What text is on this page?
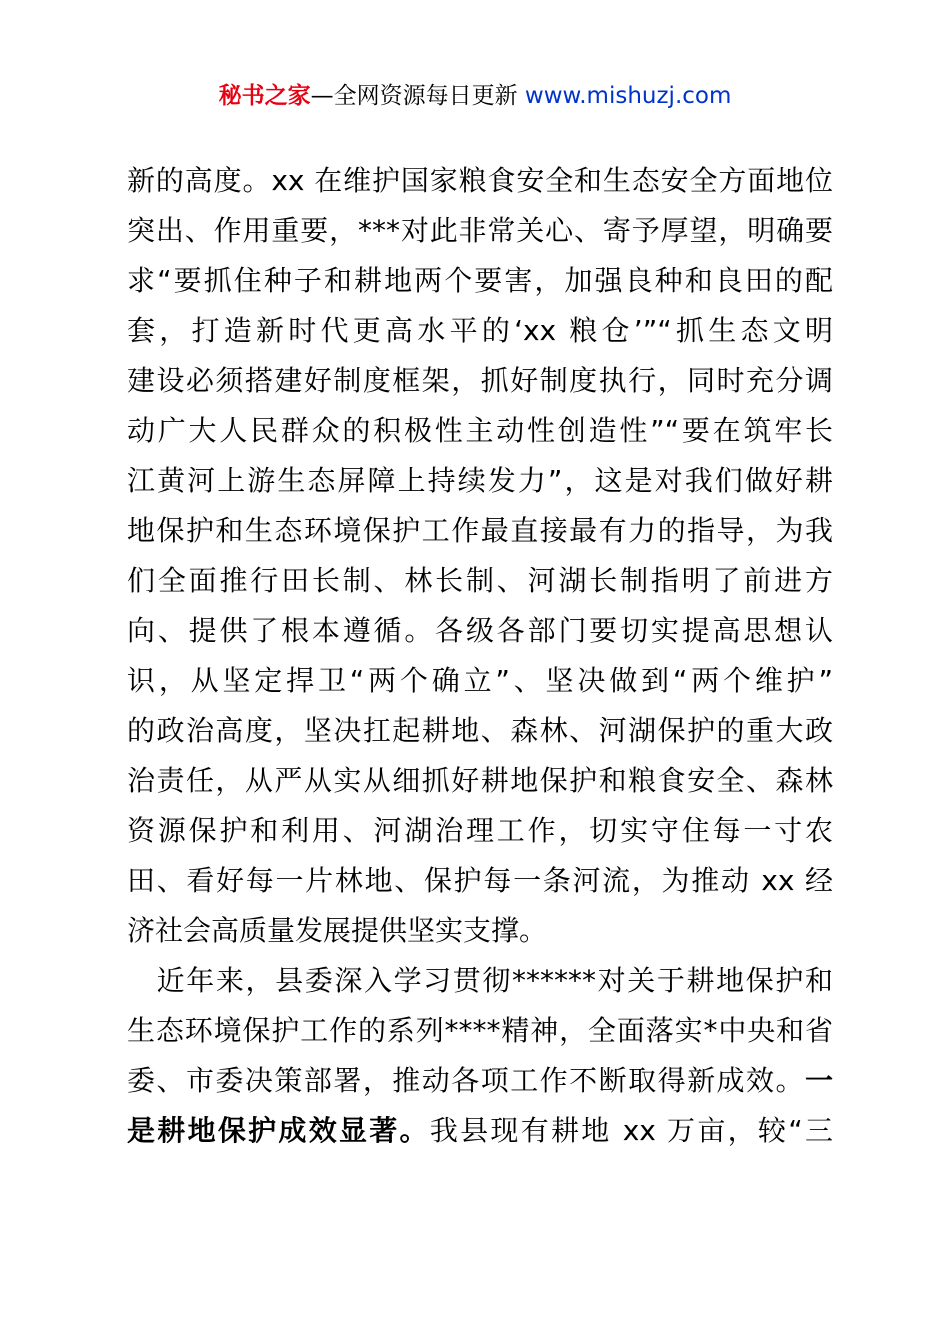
秘书之家—全网资源每日更新 www.mishuzj.com
新的高度。xx 在维护国家粮食安全和生态安全方面地位
突出、作用重要，***对此非常关心、寄予厚望，明确要
求“要抓住种子和耕地两个要害，加强良种和良田的配
套，打造新时代更高水平的‘xx 粮仓’”“抓生态文明
建设必须搭建好制度框架，抓好制度执行，同时充分调
动广大人民群众的积极性主动性创造性”“要在筑牢长
江黄河上游生态屏障上持续发力”，这是对我们做好耕
地保护和生态环境保护工作最直接最有力的指导，为我
们全面推行田长制、林长制、河湖长制指明了前进方
向、提供了根本遵循。各级各部门要切实提高思想认
识，从坚定捍卫“两个确立”、坚决做到“两个维护”
的政治高度，坚决扛起耕地、森林、河湖保护的重大政
治责任，从严从实从细抓好耕地保护和粮食安全、森林
资源保护和利用、河湖治理工作，切实守住每一寸农
田、看好每一片林地、保护每一条河流，为推动 xx 经
济社会高质量发展提供坚实支撑。
　近年来，县委深入学习贯彻******对关于耕地保护和
生态环境保护工作的系列****精神，全面落实*中央和省
委、市委决策部署，推动各项工作不断取得新成效。一
是耕地保护成效显著。我县现有耕地 xx 万亩，较“三
